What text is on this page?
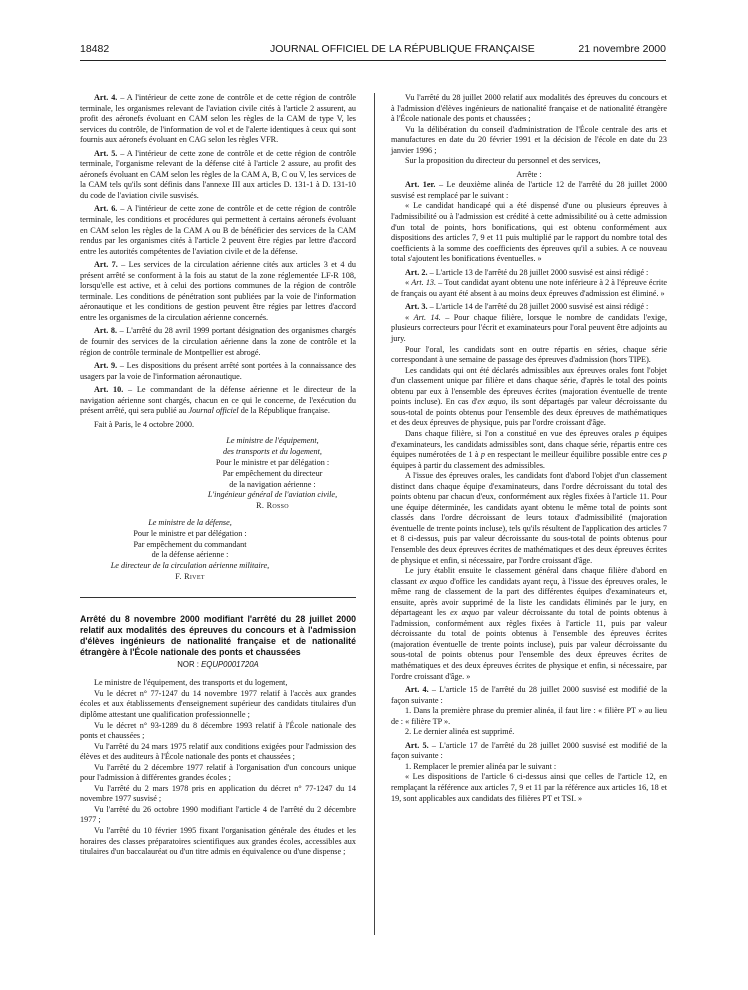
18482	JOURNAL OFFICIEL DE LA RÉPUBLIQUE FRANÇAISE	21 novembre 2000

Art. 4. – A l'intérieur de cette zone de contrôle et de cette région de contrôle terminale, les organismes relevant de l'aviation civile cités à l'article 2 assurent, au profit des aéronefs évoluant en CAM selon les règles de la CAM de type V, les services du contrôle, de l'information de vol et de l'alerte identiques à ceux qui sont fournis aux aéronefs évoluant en CAG selon les règles VFR.

Art. 5. – A l'intérieur de cette zone de contrôle et de cette région de contrôle terminale, l'organisme relevant de la défense cité à l'article 2 assure, au profit des aéronefs évoluant en CAM selon les règles de la CAM A, B, C ou V, les services de la CAM tels qu'ils sont définis dans l'annexe III aux articles D. 131-1 à D. 131-10 du code de l'aviation civile susvisés.

Art. 6. – A l'intérieur de cette zone de contrôle et de cette région de contrôle terminale, les conditions et procédures qui permettent à certains aéronefs évoluant en CAM selon les règles de la CAM A ou B de bénéficier des services de la CAM rendus par les organismes cités à l'article 2 peuvent être régies par lettre d'accord entre les autorités compétentes de l'aviation civile et de la défense.

Art. 7. – Les services de la circulation aérienne cités aux articles 3 et 4 du présent arrêté se conforment à la fois au statut de la zone réglementée LF-R 108, lorsqu'elle est active, et à celui des portions communes de la région de contrôle terminale. Les conditions de pénétration sont publiées par la voie de l'information aéronautique et les conditions de gestion peuvent être régies par lettres d'accord entre les organismes de la circulation aérienne concernés.

Art. 8. – L'arrêté du 28 avril 1999 portant désignation des organismes chargés de fournir des services de la circulation aérienne dans la zone de contrôle et la région de contrôle terminale de Montpellier est abrogé.

Art. 9. – Les dispositions du présent arrêté sont portées à la connaissance des usagers par la voie de l'information aéronautique.

Art. 10. – Le commandant de la défense aérienne et le directeur de la navigation aérienne sont chargés, chacun en ce qui le concerne, de l'exécution du présent arrêté, qui sera publié au Journal officiel de la République française.

Fait à Paris, le 4 octobre 2000.

Le ministre de l'équipement,

des transports et du logement,

Pour le ministre et par délégation :

Par empêchement du directeur

de la navigation aérienne :

L'ingénieur général de l'aviation civile,

R. Rosso

Le ministre de la défense,

Pour le ministre et par délégation :

Par empêchement du commandant

de la défense aérienne :

Le directeur de la circulation aérienne militaire,

F. Rivet

Arrêté du 8 novembre 2000 modifiant l'arrêté du 28 juillet 2000 relatif aux modalités des épreuves du concours et à l'admission d'élèves ingénieurs de nationalité française et de nationalité étrangère à l'École nationale des ponts et chaussées
NOR : EQUP0001720A

Le ministre de l'équipement, des transports et du logement,

Vu le décret n° 77-1247 du 14 novembre 1977 relatif à l'accès aux grandes écoles et aux établissements d'enseignement supérieur des candidats titulaires d'un diplôme attestant une qualification professionnelle ;

Vu le décret n° 93-1289 du 8 décembre 1993 relatif à l'École nationale des ponts et chaussées ;

Vu l'arrêté du 24 mars 1975 relatif aux conditions exigées pour l'admission des élèves et des auditeurs à l'École nationale des ponts et chaussées ;

Vu l'arrêté du 2 décembre 1977 relatif à l'organisation d'un concours unique pour l'admission à différentes grandes écoles ;

Vu l'arrêté du 2 mars 1978 pris en application du décret n° 77-1247 du 14 novembre 1977 susvisé ;

Vu l'arrêté du 26 octobre 1990 modifiant l'article 4 de l'arrêté du 2 décembre 1977 ;

Vu l'arrêté du 10 février 1995 fixant l'organisation générale des études et les horaires des classes préparatoires scientifiques aux grandes écoles, accessibles aux titulaires d'un baccalauréat ou d'un titre admis en équivalence ou d'une dispense ;

Vu l'arrêté du 28 juillet 2000 relatif aux modalités des épreuves du concours et à l'admission d'élèves ingénieurs de nationalité française et de nationalité étrangère à l'École nationale des ponts et chaussées ;

Vu la délibération du conseil d'administration de l'École centrale des arts et manufactures en date du 20 février 1991 et la décision de l'école en date du 23 janvier 1996 ;

Sur la proposition du directeur du personnel et des services,

Arrête :

Art. 1er. – Le deuxième alinéa de l'article 12 de l'arrêté du 28 juillet 2000 susvisé est remplacé par le suivant :

« Le candidat handicapé qui a été dispensé d'une ou plusieurs épreuves à l'admissibilité ou à l'admission est crédité à cette admissibilité ou à cette admission d'un total de points, hors bonifications, qui est obtenu conformément aux dispositions des articles 7, 9 et 11 puis multiplié par le rapport du nombre total des coefficients à la somme des coefficients des épreuves qu'il a subies. A ce nouveau total s'ajoutent les bonifications éventuelles. »

Art. 2. – L'article 13 de l'arrêté du 28 juillet 2000 susvisé est ainsi rédigé :

« Art. 13. – Tout candidat ayant obtenu une note inférieure à 2 à l'épreuve écrite de français ou ayant été absent à au moins deux épreuves d'admission est éliminé. »

Art. 3. – L'article 14 de l'arrêté du 28 juillet 2000 susvisé est ainsi rédigé :

« Art. 14. – Pour chaque filière, lorsque le nombre de candidats l'exige, plusieurs correcteurs pour l'écrit et examinateurs pour l'oral peuvent être adjoints au jury.

Pour l'oral, les candidats sont en outre répartis en séries, chaque série correspondant à une semaine de passage des épreuves d'admission (hors TIPE).

Les candidats qui ont été déclarés admissibles aux épreuves orales font l'objet d'un classement unique par filière et dans chaque série, d'après le total des points obtenu par eux à l'ensemble des épreuves écrites (majoration éventuelle de trente points incluse). En cas d'ex æquo, ils sont départagés par valeur décroissante du sous-total de points obtenus pour l'ensemble des deux épreuves de mathématiques et des deux épreuves de physique, puis par l'ordre croissant d'âge.

Dans chaque filière, si l'on a constitué en vue des épreuves orales p équipes d'examinateurs, les candidats admissibles sont, dans chaque série, répartis entre ces équipes numérotées de 1 à p en respectant le meilleur équilibre possible entre ces p équipes à partir du classement des admissibles.

A l'issue des épreuves orales, les candidats font d'abord l'objet d'un classement distinct dans chaque équipe d'examinateurs, dans l'ordre décroissant du total des points obtenu par chacun d'eux, conformément aux règles fixées à l'article 11. Pour une équipe déterminée, les candidats ayant obtenu le même total de points sont classés dans l'ordre décroissant de leurs totaux d'admissibilité (majoration éventuelle de trente points incluse), tels qu'ils résultent de l'application des articles 7 et 8 ci-dessus, puis par valeur décroissante du sous-total de points obtenus pour l'ensemble des deux épreuves écrites de mathématiques et des deux épreuves écrites de physique et enfin, si nécessaire, par l'ordre croissant d'âge.

Le jury établit ensuite le classement général dans chaque filière d'abord en classant ex æquo d'office les candidats ayant reçu, à l'issue des épreuves orales, le même rang de classement de la part des différentes équipes d'examinateurs et, ensuite, après avoir supprimé de la liste les candidats éliminés par le jury, en départageant les ex æquo par valeur décroissante du total de points obtenus à l'admission, conformément aux règles fixées à l'article 11, puis par valeur décroissante du total de points obtenus à l'ensemble des épreuves écrites (majoration éventuelle de trente points incluse), puis par valeur décroissante du sous-total de points obtenus pour l'ensemble des deux épreuves écrites de mathématiques et des deux épreuves écrites de physique et enfin, si nécessaire, par l'ordre croissant d'âge. »

Art. 4. – L'article 15 de l'arrêté du 28 juillet 2000 susvisé est modifié de la façon suivante :

1. Dans la première phrase du premier alinéa, il faut lire : « filière PT » au lieu de : « filière TP ».

2. Le dernier alinéa est supprimé.

Art. 5. – L'article 17 de l'arrêté du 28 juillet 2000 susvisé est modifié de la façon suivante :

1. Remplacer le premier alinéa par le suivant :

« Les dispositions de l'article 6 ci-dessus ainsi que celles de l'article 12, en remplaçant la référence aux articles 7, 9 et 11 par la référence aux articles 16, 18 et 19, sont applicables aux candidats des filières PT et TSI. »
